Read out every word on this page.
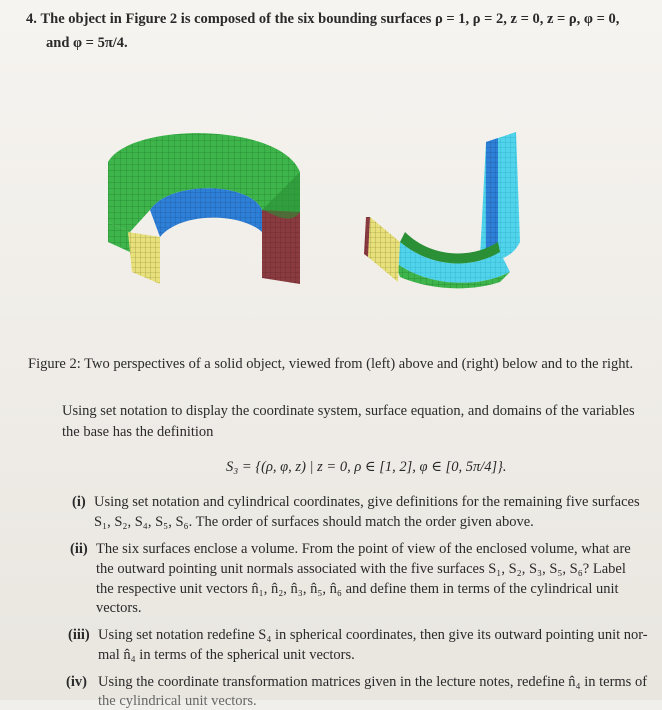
4. The object in Figure 2 is composed of the six bounding surfaces ρ = 1, ρ = 2, z = 0, z = ρ, φ = 0,
and φ = 5π/4.
Figure 2: Two perspectives of a solid object, viewed from (left) above and (right) below and to the right.
Using set notation to display the coordinate system, surface equation, and domains of the variables
the base has the definition
S₃ = {(ρ, φ, z) | z = 0, ρ ∈ [1, 2], φ ∈ [0, 5π/4]}.
(i) Using set notation and cylindrical coordinates, give definitions for the remaining five surfaces
S₁, S₂, S₄, S₅, S₆. The order of surfaces should match the order given above.
(ii) The six surfaces enclose a volume. From the point of view of the enclosed volume, what are
the outward pointing unit normals associated with the five surfaces S₁, S₂, S₃, S₅, S₆? Label
the respective unit vectors n̂₁, n̂₂, n̂₃, n̂₅, n̂₆ and define them in terms of the cylindrical unit
vectors.
(iii) Using set notation redefine S₄ in spherical coordinates, then give its outward pointing unit nor-
mal n̂₄ in terms of the spherical unit vectors.
(iv) Using the coordinate transformation matrices given in the lecture notes, redefine n̂₄ in terms of
the cylindrical unit vectors.
